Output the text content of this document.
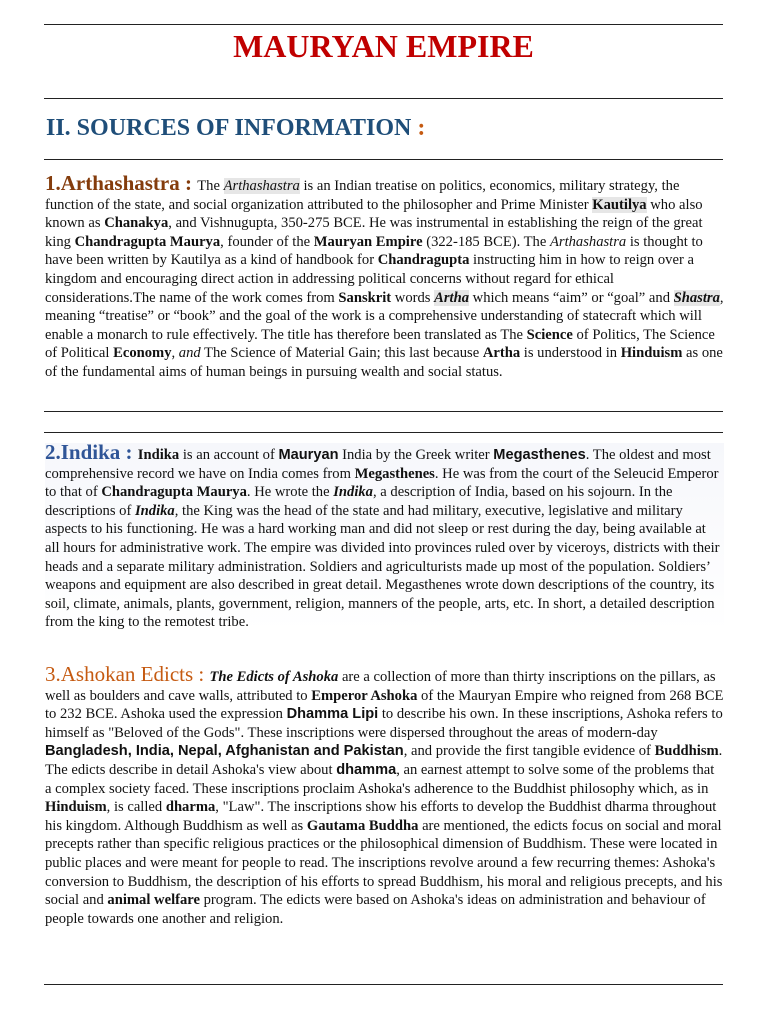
MAURYAN EMPIRE
II. SOURCES OF INFORMATION :
1.Arthashastra : The Arthashastra is an Indian treatise on politics, economics, military strategy, the function of the state, and social organization attributed to the philosopher and Prime Minister Kautilya who also known as Chanakya, and Vishnugupta, 350-275 BCE. He was instrumental in establishing the reign of the great king Chandragupta Maurya, founder of the Mauryan Empire (322-185 BCE). The Arthashastra is thought to have been written by Kautilya as a kind of handbook for Chandragupta instructing him in how to reign over a kingdom and encouraging direct action in addressing political concerns without regard for ethical considerations.The name of the work comes from Sanskrit words Artha which means “aim” or “goal” and Shastra, meaning “treatise” or “book” and the goal of the work is a comprehensive understanding of statecraft which will enable a monarch to rule effectively. The title has therefore been translated as The Science of Politics, The Science of Political Economy, and The Science of Material Gain; this last because Artha is understood in Hinduism as one of the fundamental aims of human beings in pursuing wealth and social status.
2.Indika : Indika is an account of Mauryan India by the Greek writer Megasthenes. The oldest and most comprehensive record we have on India comes from Megasthenes. He was from the court of the Seleucid Emperor to that of Chandragupta Maurya. He wrote the Indika, a description of India, based on his sojourn. In the descriptions of Indika, the King was the head of the state and had military, executive, legislative and military aspects to his functioning. He was a hard working man and did not sleep or rest during the day, being available at all hours for administrative work. The empire was divided into provinces ruled over by viceroys, districts with their heads and a separate military administration. Soldiers and agriculturists made up most of the population. Soldiers’ weapons and equipment are also described in great detail. Megasthenes wrote down descriptions of the country, its soil, climate, animals, plants, government, religion, manners of the people, arts, etc. In short, a detailed description from the king to the remotest tribe.
3.Ashokan Edicts : The Edicts of Ashoka are a collection of more than thirty inscriptions on the pillars, as well as boulders and cave walls, attributed to Emperor Ashoka of the Mauryan Empire who reigned from 268 BCE to 232 BCE. Ashoka used the expression Dhamma Lipi to describe his own. In these inscriptions, Ashoka refers to himself as "Beloved of the Gods". These inscriptions were dispersed throughout the areas of modern-day Bangladesh, India, Nepal, Afghanistan and Pakistan, and provide the first tangible evidence of Buddhism. The edicts describe in detail Ashoka's view about dhamma, an earnest attempt to solve some of the problems that a complex society faced. These inscriptions proclaim Ashoka's adherence to the Buddhist philosophy which, as in Hinduism, is called dharma, "Law". The inscriptions show his efforts to develop the Buddhist dharma throughout his kingdom. Although Buddhism as well as Gautama Buddha are mentioned, the edicts focus on social and moral precepts rather than specific religious practices or the philosophical dimension of Buddhism. These were located in public places and were meant for people to read. The inscriptions revolve around a few recurring themes: Ashoka's conversion to Buddhism, the description of his efforts to spread Buddhism, his moral and religious precepts, and his social and animal welfare program. The edicts were based on Ashoka's ideas on administration and behaviour of people towards one another and religion.
